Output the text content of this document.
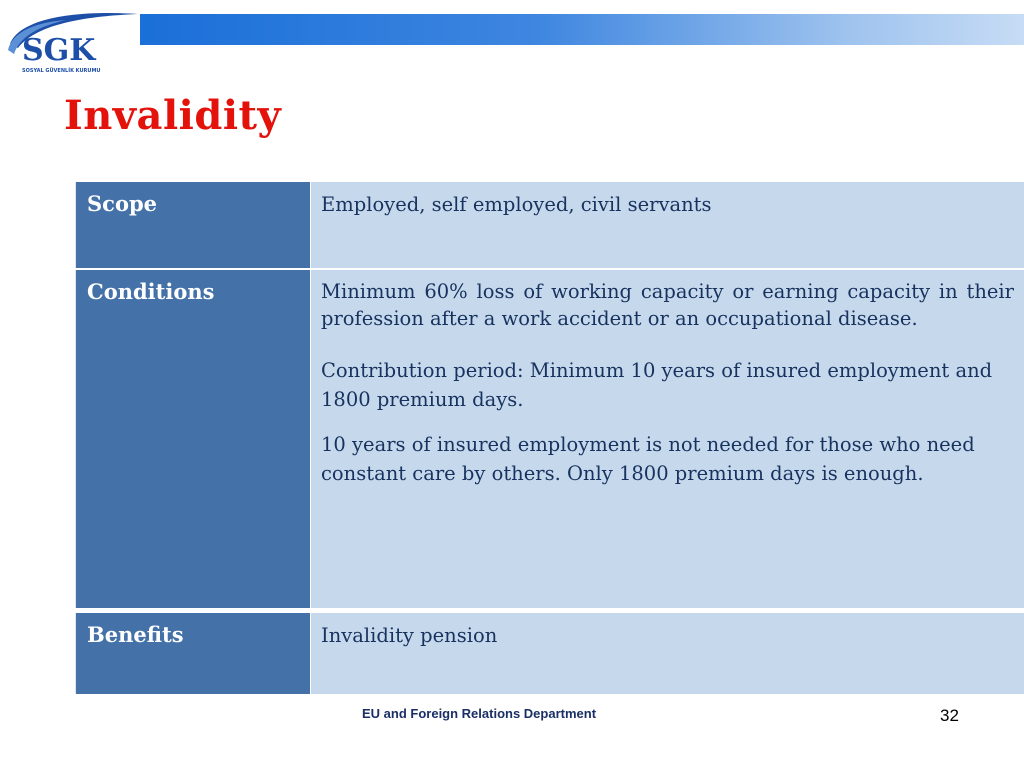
SGK
SOSYAL GÜVENLİK KURUMU
Invalidity
Scope	Employed, self employed, civil servants

Conditions	Minimum 60% loss of working capacity or earning capacity in their profession after a work accident or an occupational disease.

Contribution period: Minimum 10 years of insured employment and 1800 premium days.

10 years of insured employment is not needed for those who need constant care by others. Only 1800 premium days is enough.

Benefits	Invalidity pension

EU and Foreign Relations Department	32
